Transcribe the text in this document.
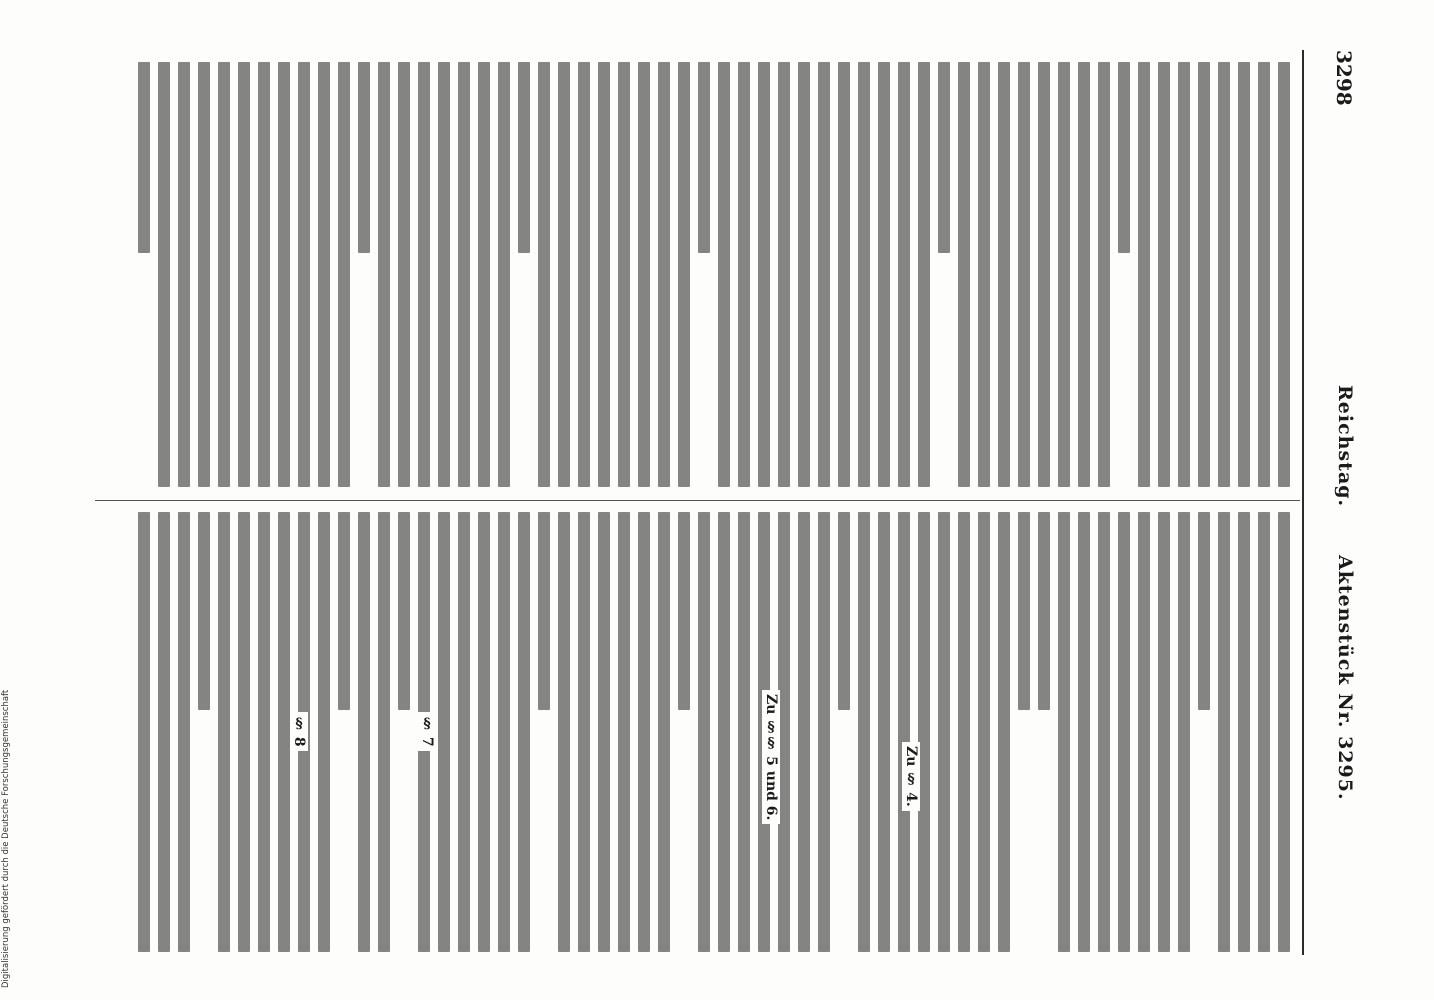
3298
Reichstag.
Aktenstück Nr. 3295.
Zu § 4.
Zu §§ 5 und 6.
§ 7
§ 8
Digitalisierung gefördert durch die Deutsche Forschungsgemeinschaft
